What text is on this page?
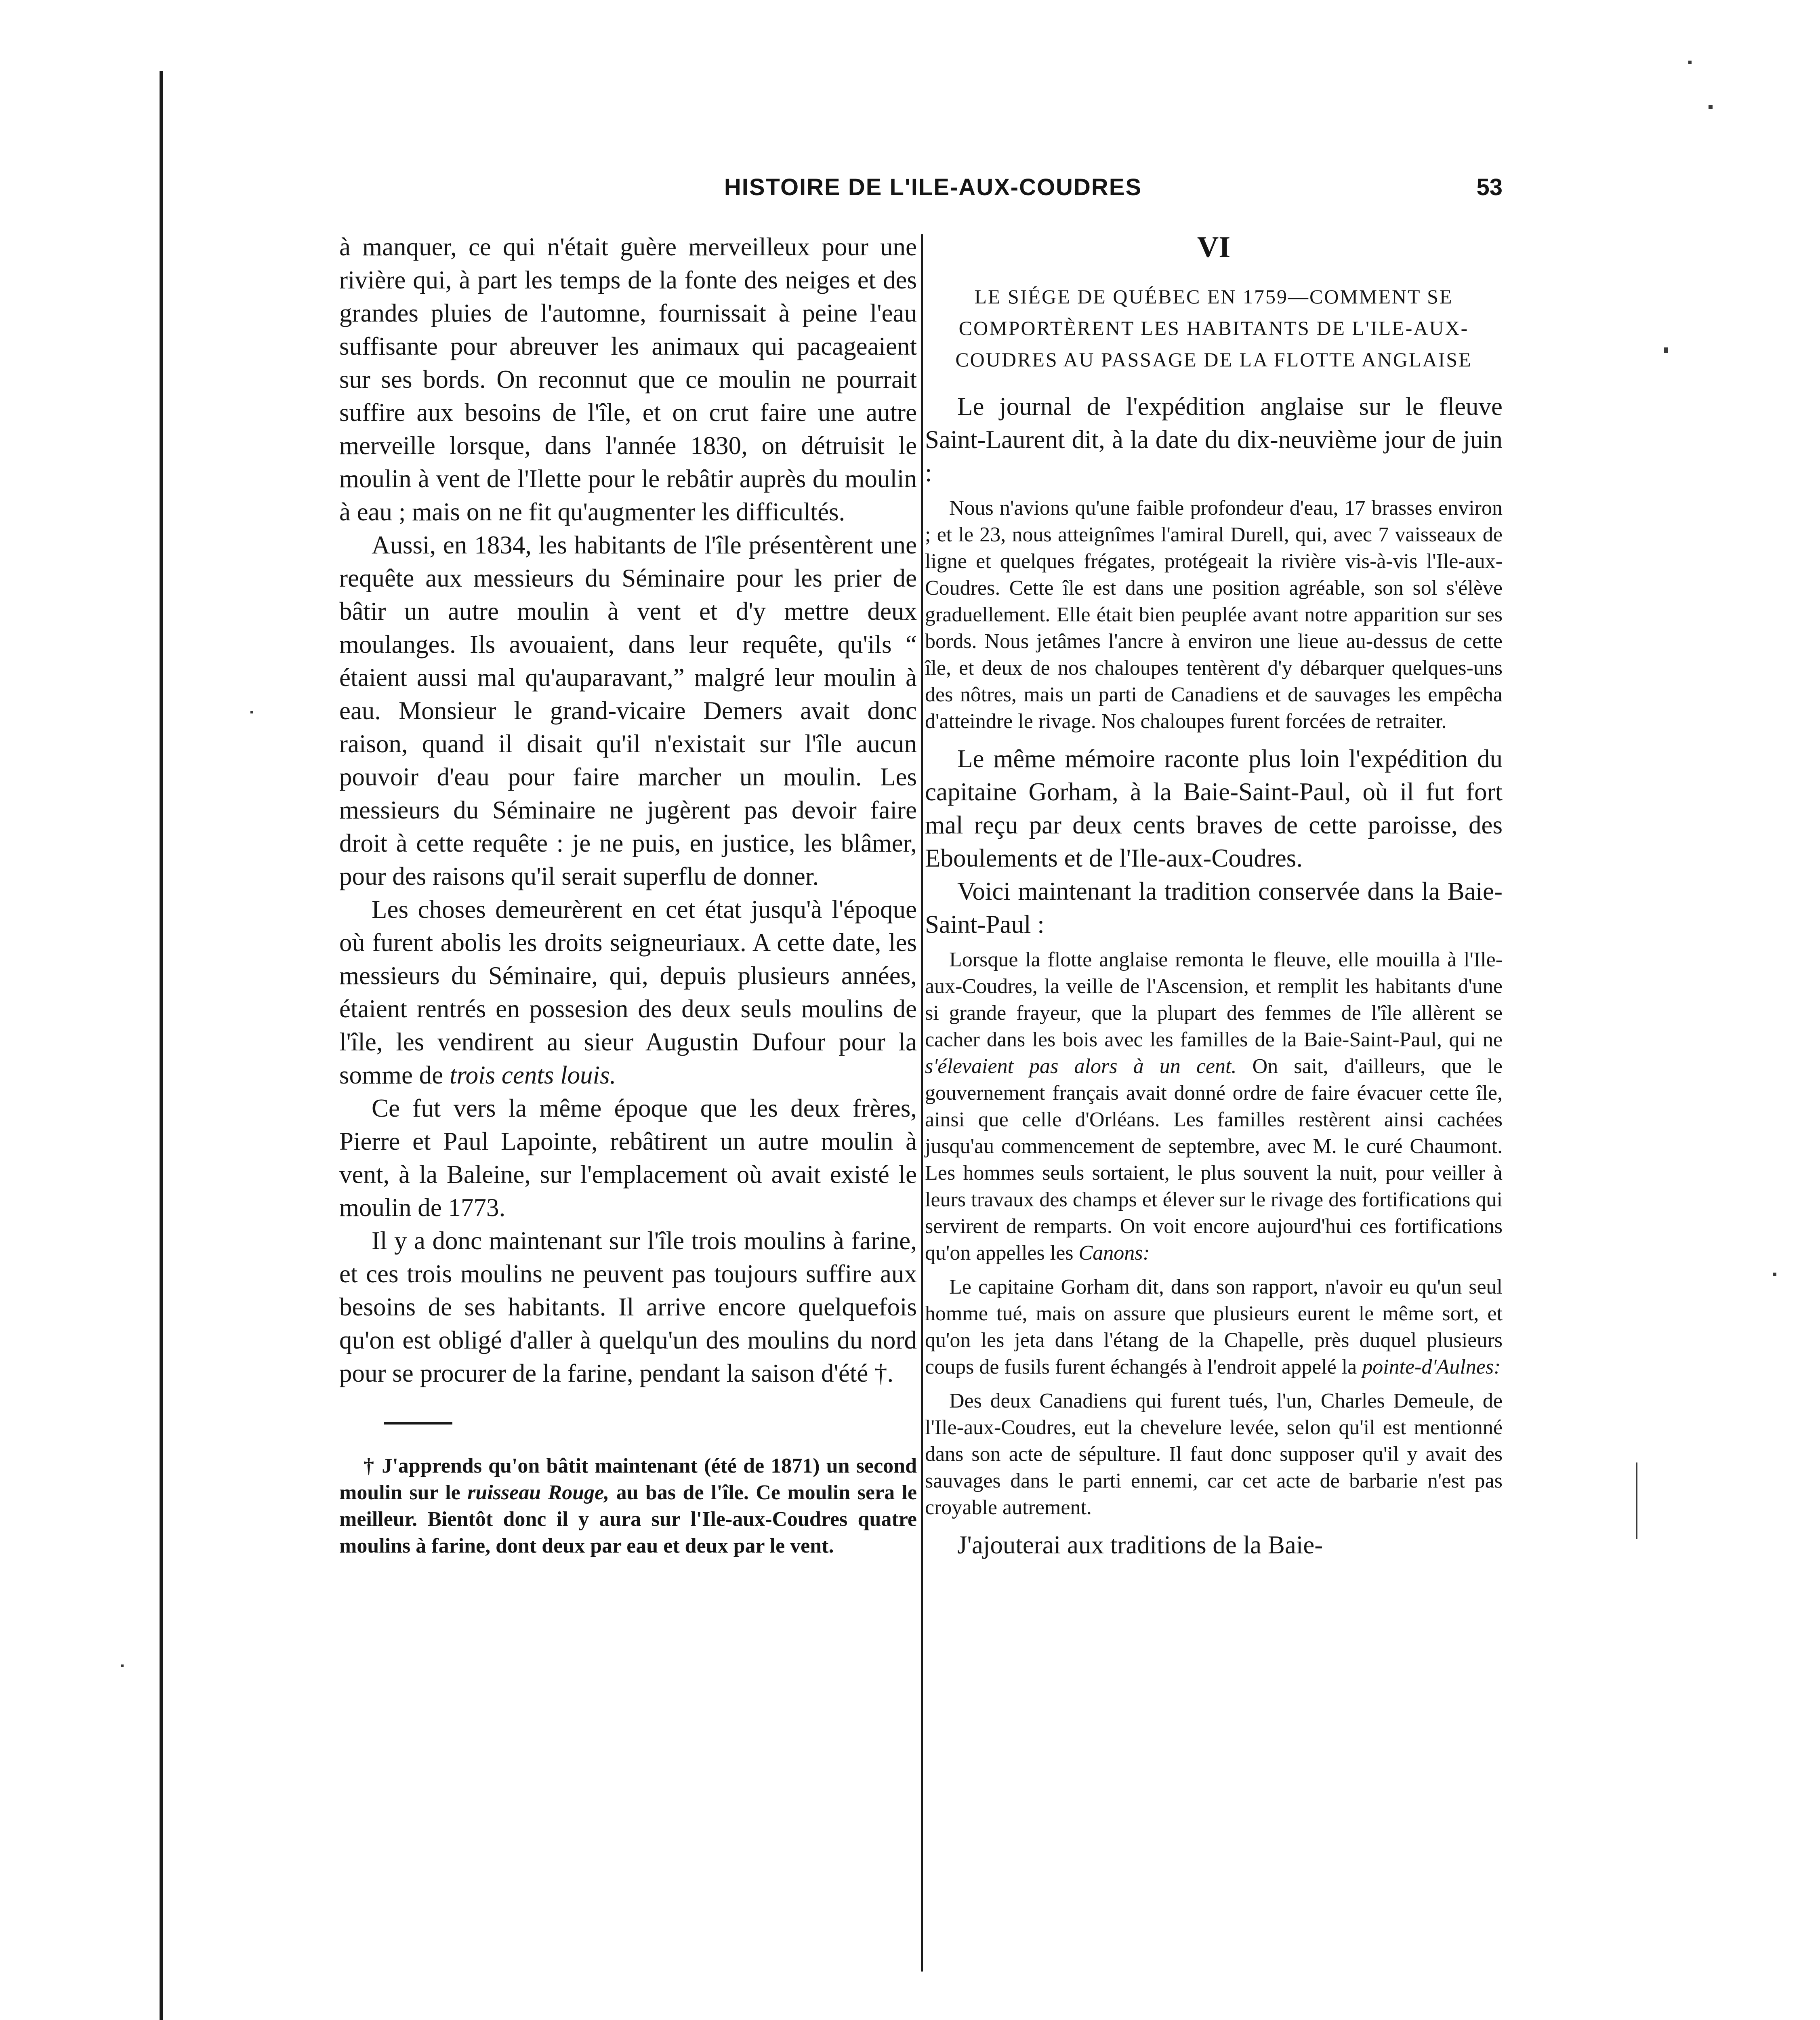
HISTOIRE DE L'ILE-AUX-COUDRES	53

à manquer, ce qui n'était guère merveilleux pour une rivière qui, à part les temps de la fonte des neiges et des grandes pluies de l'automne, fournissait à peine l'eau suffisante pour abreuver les animaux qui pacageaient sur ses bords. On reconnut que ce moulin ne pourrait suffire aux besoins de l'île, et on crut faire une autre merveille lorsque, dans l'année 1830, on détruisit le moulin à vent de l'Ilette pour le rebâtir auprès du moulin à eau ; mais on ne fit qu'augmenter les difficultés.

Aussi, en 1834, les habitants de l'île présentèrent une requête aux messieurs du Séminaire pour les prier de bâtir un autre moulin à vent et d'y mettre deux moulanges. Ils avouaient, dans leur requête, qu'ils “ étaient aussi mal qu'auparavant,” malgré leur moulin à eau. Monsieur le grand-vicaire Demers avait donc raison, quand il disait qu'il n'existait sur l'île aucun pouvoir d'eau pour faire marcher un moulin. Les messieurs du Séminaire ne jugèrent pas devoir faire droit à cette requête : je ne puis, en justice, les blâmer, pour des raisons qu'il serait superflu de donner.

Les choses demeurèrent en cet état jusqu'à l'époque où furent abolis les droits seigneuriaux. A cette date, les messieurs du Séminaire, qui, depuis plusieurs années, étaient rentrés en possesion des deux seuls moulins de l'île, les vendirent au sieur Augustin Dufour pour la somme de trois cents louis.

Ce fut vers la même époque que les deux frères, Pierre et Paul Lapointe, rebâtirent un autre moulin à vent, à la Baleine, sur l'emplacement où avait existé le moulin de 1773.

Il y a donc maintenant sur l'île trois moulins à farine, et ces trois moulins ne peuvent pas toujours suffire aux besoins de ses habitants. Il arrive encore quelquefois qu'on est obligé d'aller à quelqu'un des moulins du nord pour se procurer de la farine, pendant la saison d'été †.

† J'apprends qu'on bâtit maintenant (été de 1871) un second moulin sur le ruisseau Rouge, au bas de l'île. Ce moulin sera le meilleur. Bientôt donc il y aura sur l'Ile-aux-Coudres quatre moulins à farine, dont deux par eau et deux par le vent.

VI

LE SIÉGE DE QUÉBEC EN 1759—COMMENT SE COMPORTÈRENT LES HABITANTS DE L'ILE-AUX-COUDRES AU PASSAGE DE LA FLOTTE ANGLAISE

Le journal de l'expédition anglaise sur le fleuve Saint-Laurent dit, à la date du dix-neuvième jour de juin :

Nous n'avions qu'une faible profondeur d'eau, 17 brasses environ ; et le 23, nous atteignîmes l'amiral Durell, qui, avec 7 vaisseaux de ligne et quelques frégates, protégeait la rivière vis-à-vis l'Ile-aux-Coudres. Cette île est dans une position agréable, son sol s'élève graduellement. Elle était bien peuplée avant notre apparition sur ses bords. Nous jetâmes l'ancre à environ une lieue au-dessus de cette île, et deux de nos chaloupes tentèrent d'y débarquer quelques-uns des nôtres, mais un parti de Canadiens et de sauvages les empêcha d'atteindre le rivage. Nos chaloupes furent forcées de retraiter.

Le même mémoire raconte plus loin l'expédition du capitaine Gorham, à la Baie-Saint-Paul, où il fut fort mal reçu par deux cents braves de cette paroisse, des Eboulements et de l'Ile-aux-Coudres.

Voici maintenant la tradition conservée dans la Baie-Saint-Paul :

Lorsque la flotte anglaise remonta le fleuve, elle mouilla à l'Ile-aux-Coudres, la veille de l'Ascension, et remplit les habitants d'une si grande frayeur, que la plupart des femmes de l'île allèrent se cacher dans les bois avec les familles de la Baie-Saint-Paul, qui ne s'élevaient pas alors à un cent. On sait, d'ailleurs, que le gouvernement français avait donné ordre de faire évacuer cette île, ainsi que celle d'Orléans. Les familles restèrent ainsi cachées jusqu'au commencement de septembre, avec M. le curé Chaumont. Les hommes seuls sortaient, le plus souvent la nuit, pour veiller à leurs travaux des champs et élever sur le rivage des fortifications qui servirent de remparts. On voit encore aujourd'hui ces fortifications qu'on appelles les Canons:

Le capitaine Gorham dit, dans son rapport, n'avoir eu qu'un seul homme tué, mais on assure que plusieurs eurent le même sort, et qu'on les jeta dans l'étang de la Chapelle, près duquel plusieurs coups de fusils furent échangés à l'endroit appelé la pointe-d'Aulnes:

Des deux Canadiens qui furent tués, l'un, Charles Demeule, de l'Ile-aux-Coudres, eut la chevelure levée, selon qu'il est mentionné dans son acte de sépulture. Il faut donc supposer qu'il y avait des sauvages dans le parti ennemi, car cet acte de barbarie n'est pas croyable autrement.

J'ajouterai aux traditions de la Baie-
